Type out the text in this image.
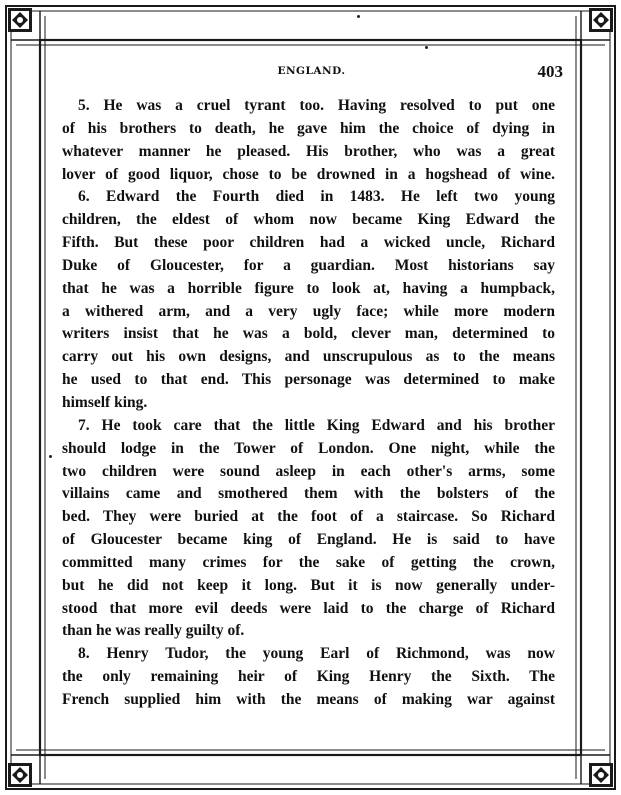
ENGLAND.	403
5. He was a cruel tyrant too. Having resolved to put one
of his brothers to death, he gave him the choice of dying in
whatever manner he pleased. His brother, who was a great
lover of good liquor, chose to be drowned in a hogshead of wine.
6. Edward the Fourth died in 1483. He left two young
children, the eldest of whom now became King Edward the
Fifth. But these poor children had a wicked uncle, Richard
Duke of Gloucester, for a guardian. Most historians say
that he was a horrible figure to look at, having a humpback,
a withered arm, and a very ugly face; while more modern
writers insist that he was a bold, clever man, determined to
carry out his own designs, and unscrupulous as to the means
he used to that end. This personage was determined to make
himself king.
7. He took care that the little King Edward and his brother
should lodge in the Tower of London. One night, while the
two children were sound asleep in each other's arms, some
villains came and smothered them with the bolsters of the
bed. They were buried at the foot of a staircase. So Richard
of Gloucester became king of England. He is said to have
committed many crimes for the sake of getting the crown,
but he did not keep it long. But it is now generally under-
stood that more evil deeds were laid to the charge of Richard
than he was really guilty of.
8. Henry Tudor, the young Earl of Richmond, was now
the only remaining heir of King Henry the Sixth. The
French supplied him with the means of making war against
